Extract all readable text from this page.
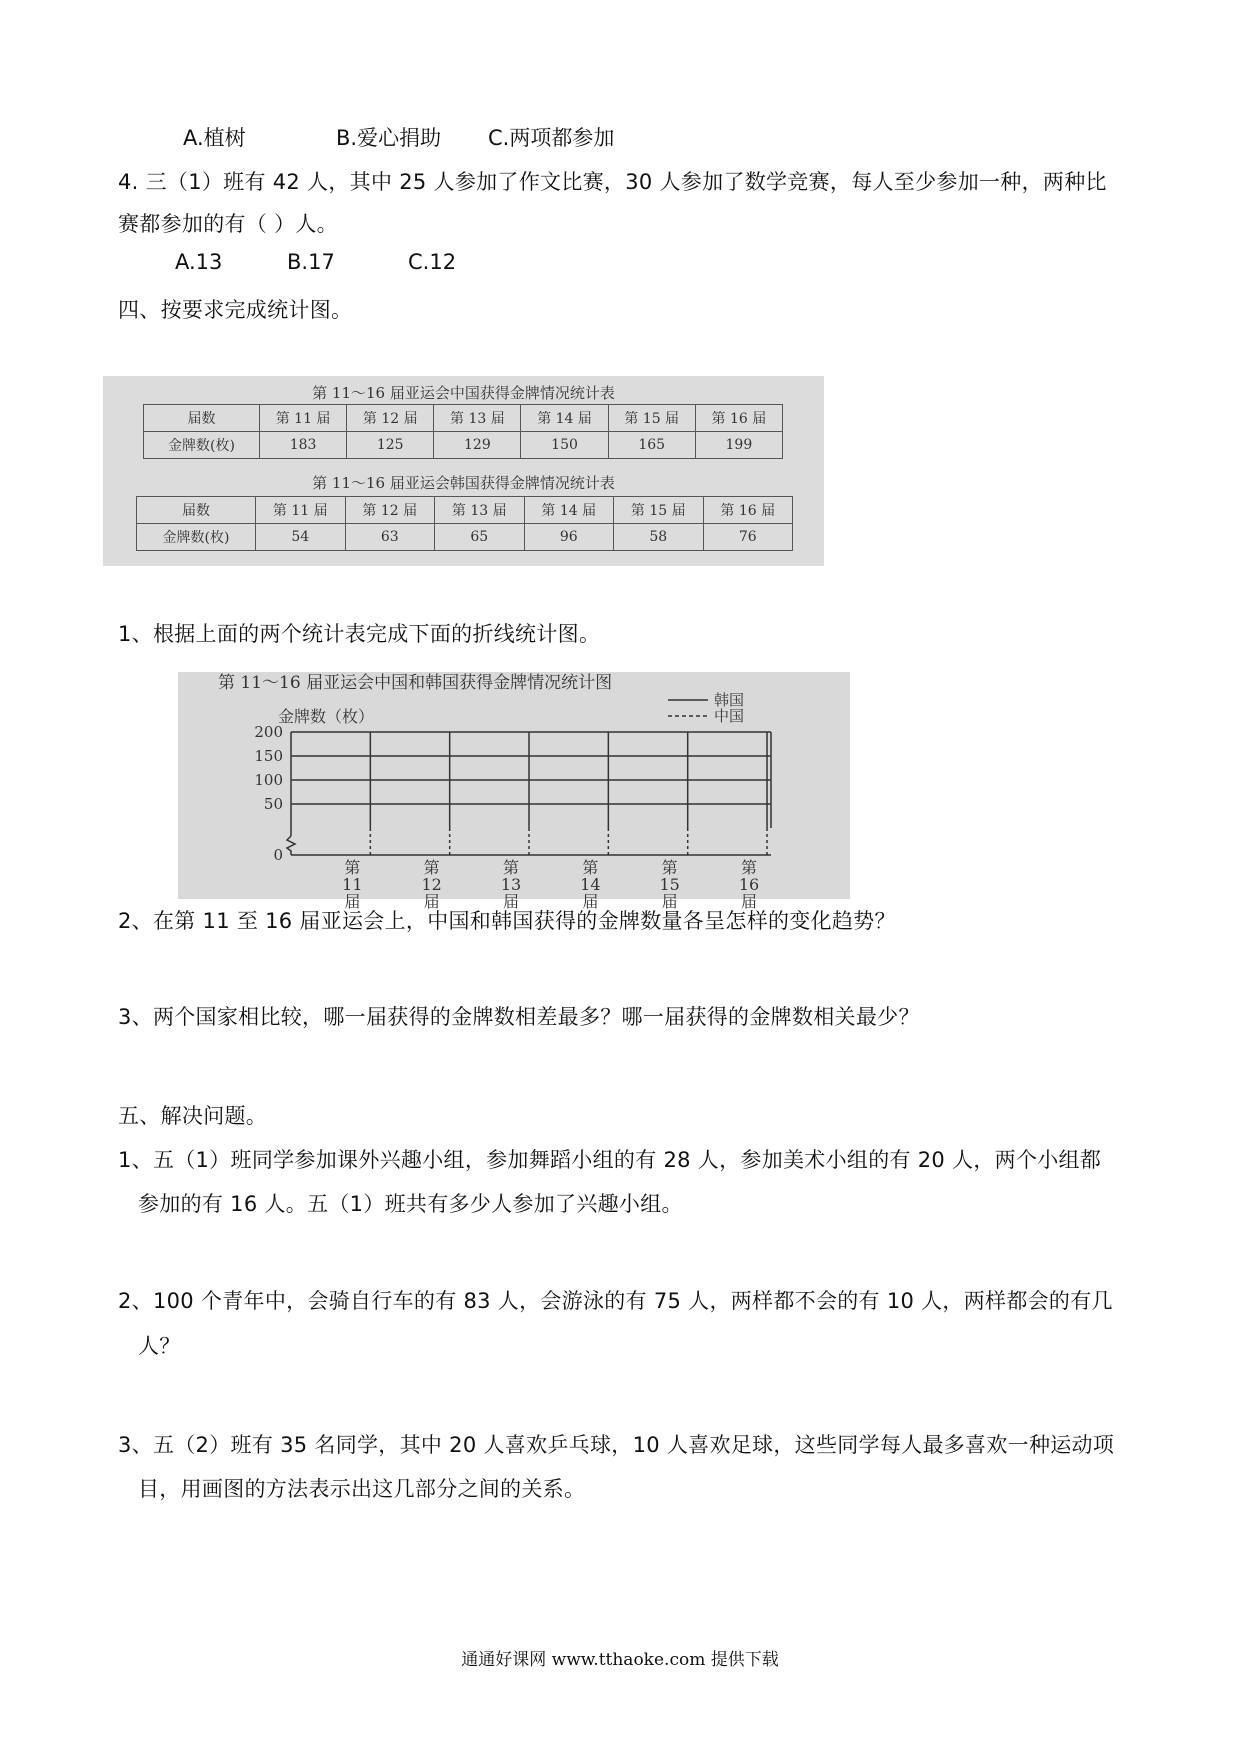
A.植树	B.爱心捐助 C.两项都参加
4. 三（1）班有 42 人，其中 25 人参加了作文比赛，30 人参加了数学竞赛，每人至少参加一种，两种比
赛都参加的有（ ）人。
A.13	B.17	C.12
四、按要求完成统计图。
第 11～16 届亚运会中国获得金牌情况统计表
届数	第 11 届	第 12 届	第 13 届	第 14 届	第 15 届	第 16 届
金牌数(枚)	183	125	129	150	165	199
第 11～16 届亚运会韩国获得金牌情况统计表
届数	第 11 届	第 12 届	第 13 届	第 14 届	第 15 届	第 16 届
金牌数(枚)	54	63	65	96	58	76
1、根据上面的两个统计表完成下面的折线统计图。
第 11～16 届亚运会中国和韩国获得金牌情况统计图
韩国
中国
金牌数（枚）
200
150
100
50
0
第	第	第	第	第	第
11	12	13	14	15	16
届	届	届	届	届	届
2、在第 11 至 16 届亚运会上，中国和韩国获得的金牌数量各呈怎样的变化趋势？
3、两个国家相比较，哪一届获得的金牌数相差最多？哪一届获得的金牌数相关最少？
五、解决问题。
1、五（1）班同学参加课外兴趣小组，参加舞蹈小组的有 28 人，参加美术小组的有 20 人，两个小组都
参加的有 16 人。五（1）班共有多少人参加了兴趣小组。
2、100 个青年中，会骑自行车的有 83 人，会游泳的有 75 人，两样都不会的有 10 人，两样都会的有几
人？
3、五（2）班有 35 名同学，其中 20 人喜欢乒乓球，10 人喜欢足球，这些同学每人最多喜欢一种运动项
目，用画图的方法表示出这几部分之间的关系。
通通好课网 www.tthaoke.com 提供下载
